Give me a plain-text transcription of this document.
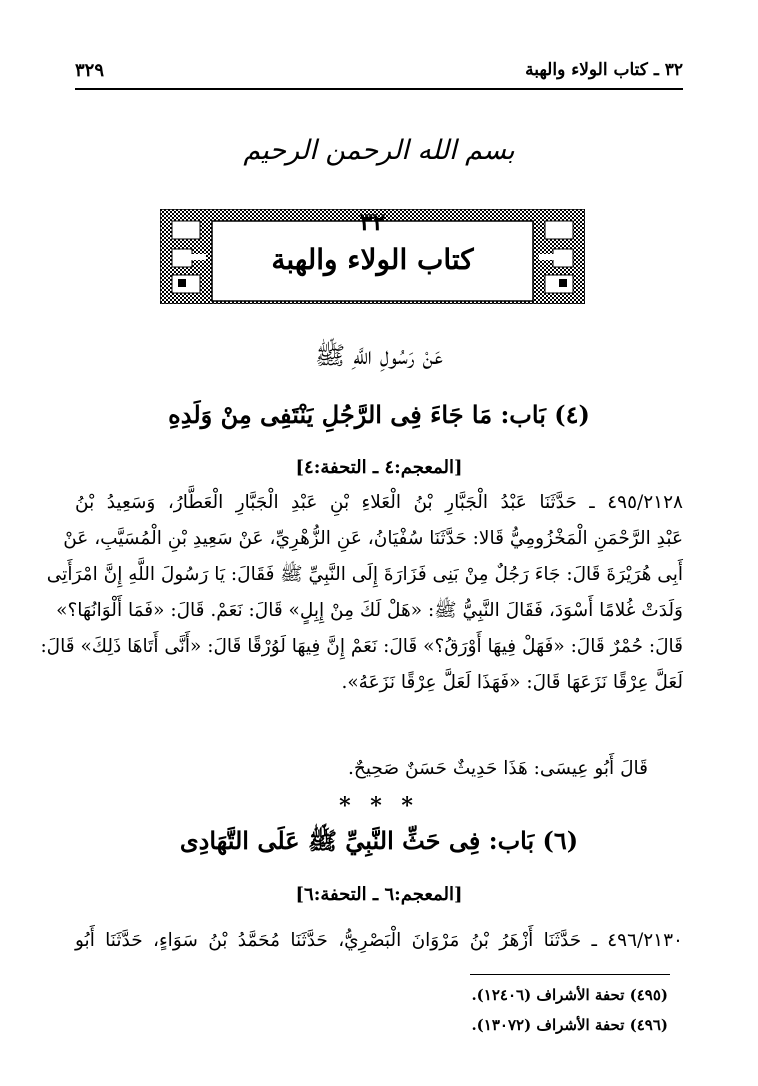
٣٢ ـ كتاب الولاء والهبة
٣٢٩
بسم الله الرحمن الرحيم
٣٢
كتاب الولاء والهبة
عَنْ رَسُولِ اللَّهِ ﷺ
(٤) بَاب: مَا جَاءَ فِى الرَّجُلِ يَنْتَفِى مِنْ وَلَدِهِ
[المعجم:٤ ـ التحفة:٤]
٤٩٥/٢١٢٨ ـ حَدَّثَنَا عَبْدُ الْجَبَّارِ بْنُ الْعَلاءِ بْنِ عَبْدِ الْجَبَّارِ الْعَطَّارُ، وَسَعِيدُ بْنُ
عَبْدِ الرَّحْمَنِ الْمَخْزُومِيُّ قَالا: حَدَّثَنَا سُفْيَانُ، عَنِ الزُّهْرِيِّ، عَنْ سَعِيدِ بْنِ الْمُسَيَّبِ، عَنْ
أَبِى هُرَيْرَةَ قَالَ: جَاءَ رَجُلٌ مِنْ بَنِى فَزَارَةَ إِلَى النَّبِيِّ ﷺ فَقَالَ: يَا رَسُولَ اللَّهِ إِنَّ امْرَأَتِى
وَلَدَتْ غُلامًا أَسْوَدَ، فَقَالَ النَّبِيُّ ﷺ: «هَلْ لَكَ مِنْ إِبِلٍ» قَالَ: نَعَمْ. قَالَ: «فَمَا أَلْوَانُهَا؟»
قَالَ: حُمْرٌ قَالَ: «فَهَلْ فِيهَا أَوْرَقُ؟» قَالَ: نَعَمْ إِنَّ فِيهَا لَوُرْقًا قَالَ: «أَنَّى أَتَاهَا ذَلِكَ» قَالَ:
لَعَلَّ عِرْقًا نَزَعَهَا قَالَ: «فَهَذَا لَعَلَّ عِرْقًا نَزَعَهُ».
قَالَ أَبُو عِيسَى: هَذَا حَدِيثٌ حَسَنٌ صَحِيحٌ.
* * *
(٦) بَاب: فِى حَثِّ النَّبِيِّ ﷺ عَلَى التَّهَادِى
[المعجم:٦ ـ التحفة:٦]
٤٩٦/٢١٣٠ ـ حَدَّثَنَا أَزْهَرُ بْنُ مَرْوَانَ الْبَصْرِيُّ، حَدَّثَنَا مُحَمَّدُ بْنُ سَوَاءٍ، حَدَّثَنَا أَبُو
(٤٩٥) تحفة الأشراف (١٢٤٠٦).
(٤٩٦) تحفة الأشراف (١٣٠٧٢).
